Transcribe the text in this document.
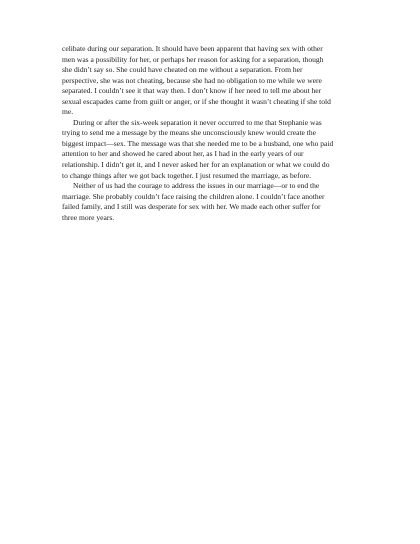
celibate during our separation. It should have been apparent that having sex with other
men was a possibility for her, or perhaps her reason for asking for a separation, though
she didn’t say so. She could have cheated on me without a separation. From her
perspective, she was not cheating, because she had no obligation to me while we were
separated. I couldn’t see it that way then. I don’t know if her need to tell me about her
sexual escapades came from guilt or anger, or if she thought it wasn’t cheating if she told
me.

During or after the six-week separation it never occurred to me that Stephanie was
trying to send me a message by the means she unconsciously knew would create the
biggest impact—sex. The message was that she needed me to be a husband, one who paid
attention to her and showed he cared about her, as I had in the early years of our
relationship. I didn’t get it, and I never asked her for an explanation or what we could do
to change things after we got back together. I just resumed the marriage, as before.

Neither of us had the courage to address the issues in our marriage—or to end the
marriage. She probably couldn’t face raising the children alone. I couldn’t face another
failed family, and I still was desperate for sex with her. We made each other suffer for
three more years.
